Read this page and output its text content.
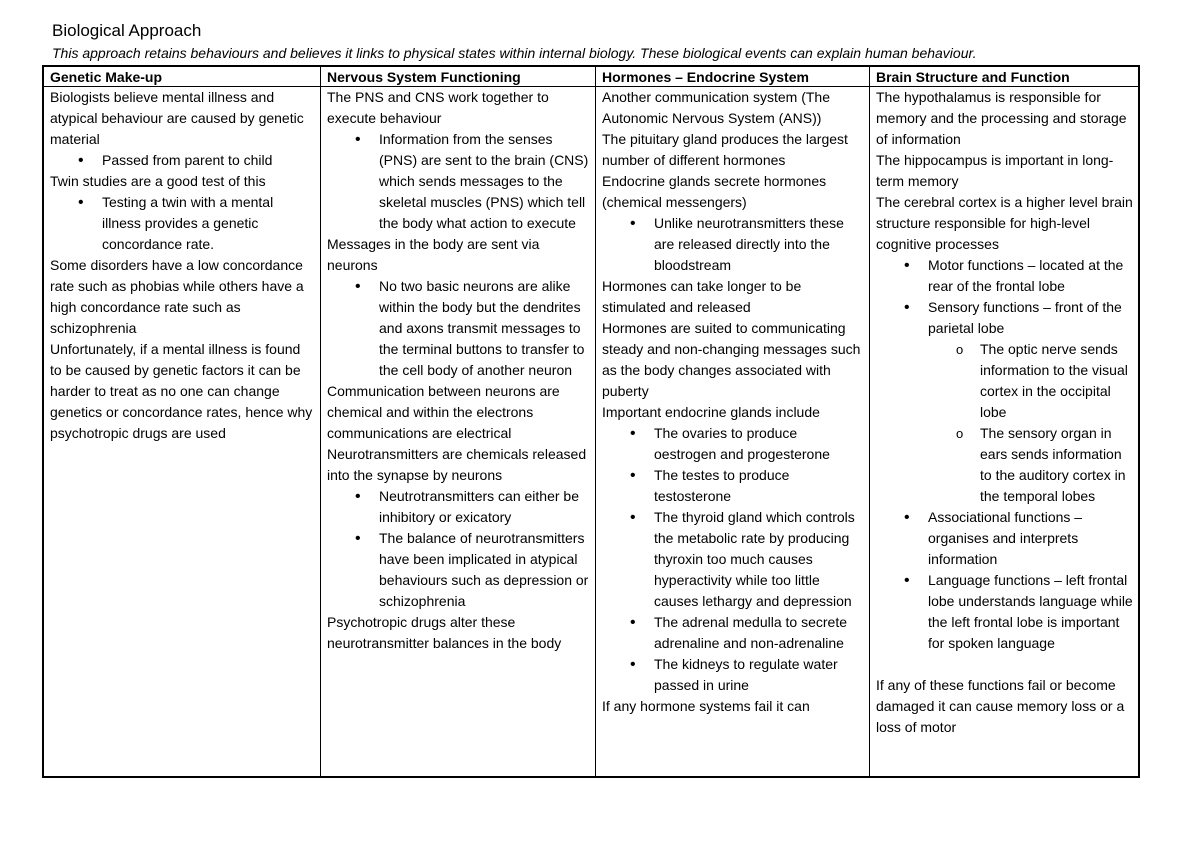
Biological Approach
This approach retains behaviours and believes it links to physical states within internal biology. These biological events can explain human behaviour.
Genetic Make-up
Biologists believe mental illness and atypical behaviour are caused by genetic material
• Passed from parent to child
Twin studies are a good test of this
• Testing a twin with a mental illness provides a genetic concordance rate.
Some disorders have a low concordance rate such as phobias while others have a high concordance rate such as schizophrenia
Unfortunately, if a mental illness is found to be caused by genetic factors it can be harder to treat as no one can change genetics or concordance rates, hence why psychotropic drugs are used
Nervous System Functioning
The PNS and CNS work together to execute behaviour
• Information from the senses (PNS) are sent to the brain (CNS) which sends messages to the skeletal muscles (PNS) which tell the body what action to execute
Messages in the body are sent via neurons
• No two basic neurons are alike within the body but the dendrites and axons transmit messages to the terminal buttons to transfer to the cell body of another neuron
Communication between neurons are chemical and within the electrons communications are electrical
Neurotransmitters are chemicals released into the synapse by neurons
• Neutrotransmitters can either be inhibitory or exicatory
• The balance of neurotransmitters have been implicated in atypical behaviours such as depression or schizophrenia
Psychotropic drugs alter these neurotransmitter balances in the body
Hormones – Endocrine System
Another communication system (The Autonomic Nervous System (ANS))
The pituitary gland produces the largest number of different hormones
Endocrine glands secrete hormones (chemical messengers)
• Unlike neurotransmitters these are released directly into the bloodstream
Hormones can take longer to be stimulated and released
Hormones are suited to communicating steady and non-changing messages such as the body changes associated with puberty
Important endocrine glands include
• The ovaries to produce oestrogen and progesterone
• The testes to produce testosterone
• The thyroid gland which controls the metabolic rate by producing thyroxin too much causes hyperactivity while too little causes lethargy and depression
• The adrenal medulla to secrete adrenaline and non-adrenaline
• The kidneys to regulate water passed in urine
If any hormone systems fail it can
Brain Structure and Function
The hypothalamus is responsible for memory and the processing and storage of information
The hippocampus is important in long-term memory
The cerebral cortex is a higher level brain structure responsible for high-level cognitive processes
• Motor functions – located at the rear of the frontal lobe
• Sensory functions – front of the parietal lobe
o The optic nerve sends information to the visual cortex in the occipital lobe
o The sensory organ in ears sends information to the auditory cortex in the temporal lobes
• Associational functions – organises and interprets information
• Language functions – left frontal lobe understands language while the left frontal lobe is important for spoken language
If any of these functions fail or become damaged it can cause memory loss or a loss of motor
